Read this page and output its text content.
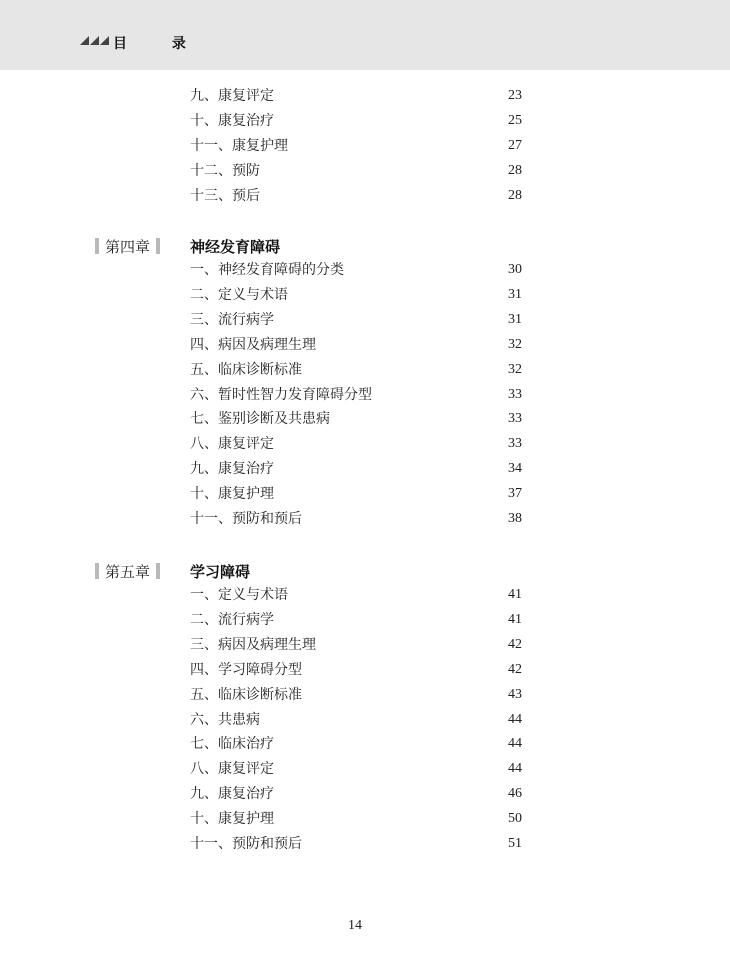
目 录
九、康复评定	23
十、康复治疗	25
十一、康复护理	27
十二、预防	28
十三、预后	28
第四章	神经发育障碍
一、神经发育障碍的分类	30
二、定义与术语	31
三、流行病学	31
四、病因及病理生理	32
五、临床诊断标准	32
六、暂时性智力发育障碍分型	33
七、鉴别诊断及共患病	33
八、康复评定	33
九、康复治疗	34
十、康复护理	37
十一、预防和预后	38
第五章	学习障碍
一、定义与术语	41
二、流行病学	41
三、病因及病理生理	42
四、学习障碍分型	42
五、临床诊断标准	43
六、共患病	44
七、临床治疗	44
八、康复评定	44
九、康复治疗	46
十、康复护理	50
十一、预防和预后	51
14
